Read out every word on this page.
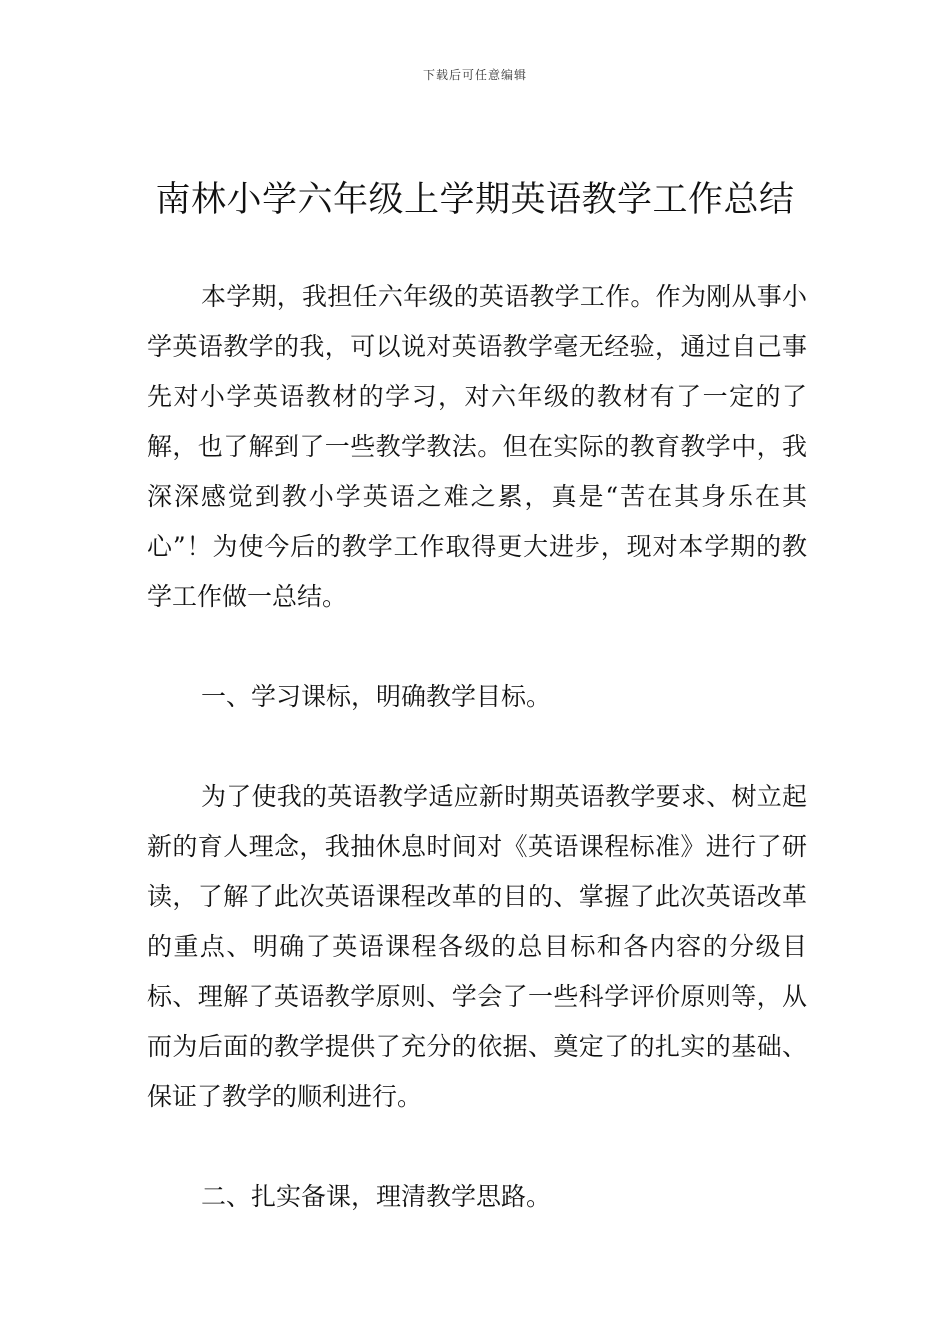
下载后可任意编辑
南林小学六年级上学期英语教学工作总结

本学期，我担任六年级的英语教学工作。作为刚从事小学英语教学的我，可以说对英语教学毫无经验，通过自己事先对小学英语教材的学习，对六年级的教材有了一定的了解，也了解到了一些教学教法。但在实际的教育教学中，我深深感觉到教小学英语之难之累，真是“苦在其身乐在其心”！为使今后的教学工作取得更大进步，现对本学期的教学工作做一总结。

一、学习课标，明确教学目标。

为了使我的英语教学适应新时期英语教学要求、树立起新的育人理念，我抽休息时间对《英语课程标准》进行了研读，了解了此次英语课程改革的目的、掌握了此次英语改革的重点、明确了英语课程各级的总目标和各内容的分级目标、理解了英语教学原则、学会了一些科学评价原则等，从而为后面的教学提供了充分的依据、奠定了的扎实的基础、保证了教学的顺利进行。

二、扎实备课，理清教学思路。
